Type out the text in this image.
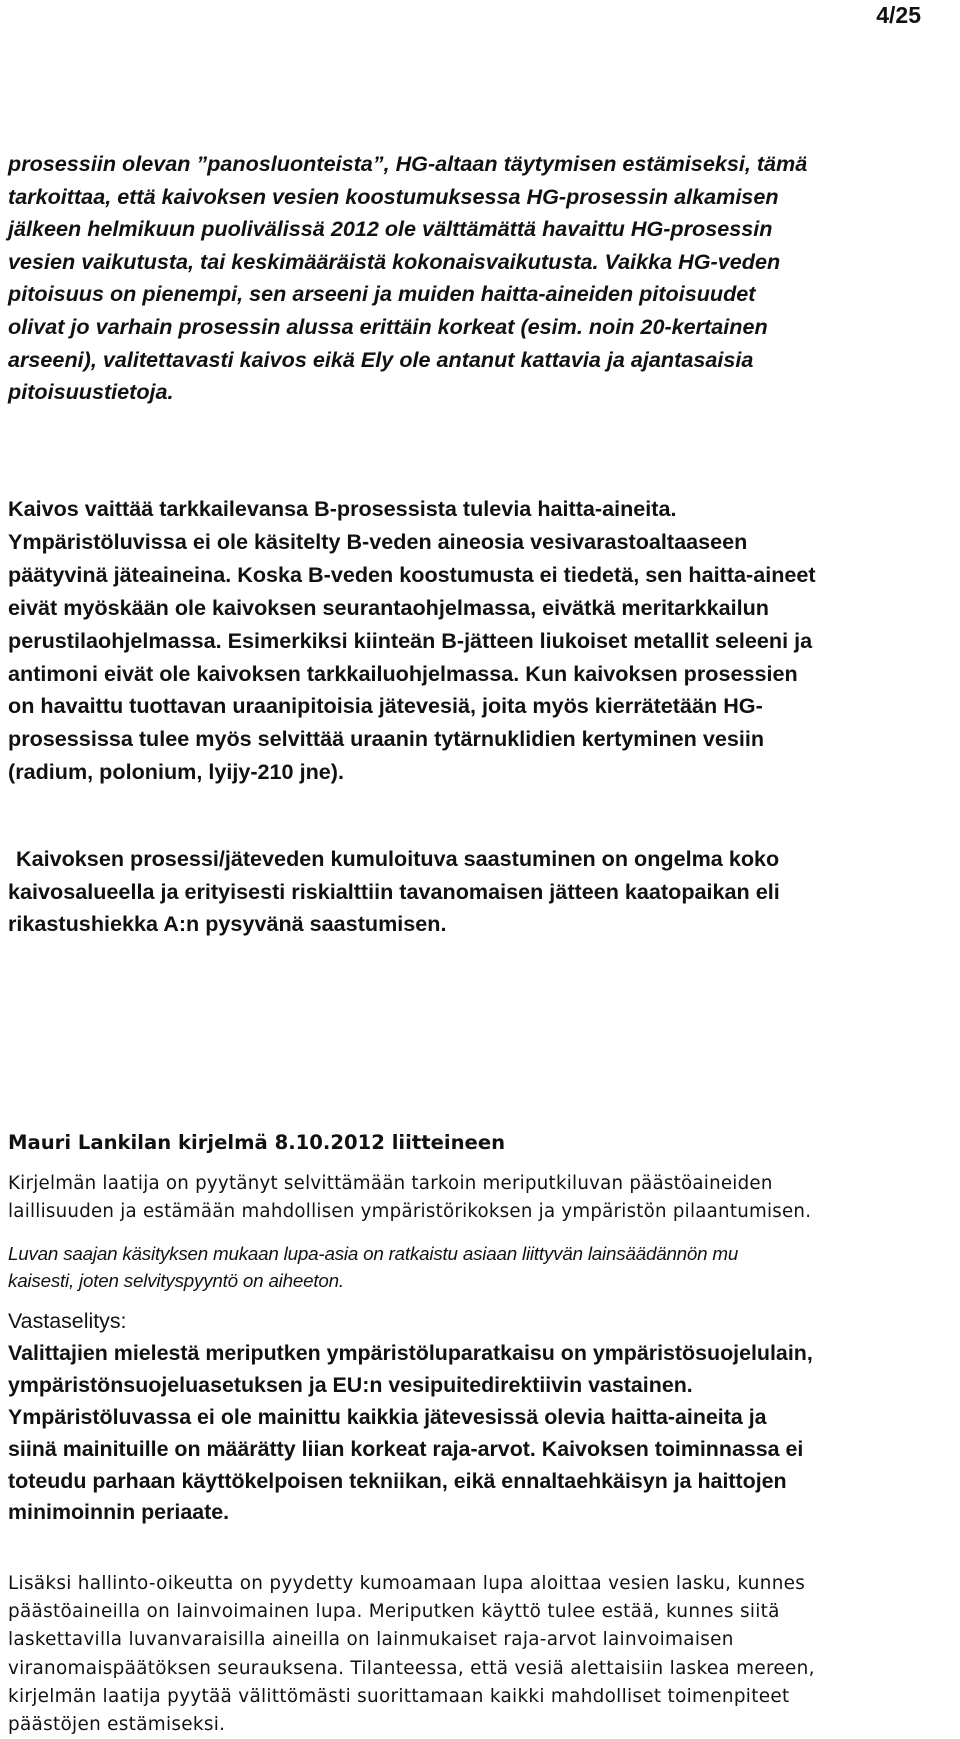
4/25
prosessiin olevan ”panosluonteista”, HG-altaan täytymisen estämiseksi, tämä
tarkoittaa, että kaivoksen vesien koostumuksessa HG-prosessin alkamisen
jälkeen helmikuun puolivälissä 2012 ole välttämättä havaittu HG-prosessin
vesien vaikutusta, tai keskimääräistä kokonaisvaikutusta. Vaikka HG-veden
pitoisuus on pienempi, sen arseeni ja muiden haitta-aineiden pitoisuudet
olivat jo varhain prosessin alussa erittäin korkeat (esim. noin 20-kertainen
arseeni), valitettavasti kaivos eikä Ely ole antanut kattavia ja ajantasaisia
pitoisuustietoja.
Kaivos vaittää tarkkailevansa B-prosessista tulevia haitta-aineita.
Ympäristöluvissa ei ole käsitelty B-veden aineosia vesivarastoaltaaseen
päätyvinä jäteaineina. Koska B-veden koostumusta ei tiedetä, sen haitta-aineet
eivät myöskään ole kaivoksen seurantaohjelmassa, eivätkä meritarkkailun
perustilaohjelmassa. Esimerkiksi kiinteän B-jätteen liukoiset metallit seleeni ja
antimoni eivät ole kaivoksen tarkkailuohjelmassa. Kun kaivoksen prosessien
on havaittu tuottavan uraanipitoisia jätevesiä, joita myös kierrätetään HG-
prosessissa tulee myös selvittää uraanin tytärnuklidien kertyminen vesiin
(radium, polonium, lyijy-210 jne).
Kaivoksen prosessi/jäteveden kumuloituva saastuminen on ongelma koko
kaivosalueella ja erityisesti riskialttiin tavanomaisen jätteen kaatopaikan eli
rikastushiekka A:n pysyvänä saastumisen.
Mauri Lankilan kirjelmä 8.10.2012 liitteineen
Kirjelmän laatija on pyytänyt selvittämään tarkoin meriputkiluvan päästöaineiden
laillisuuden ja estämään mahdollisen ympäristörikoksen ja ympäristön pilaantumisen.
Luvan saajan käsityksen mukaan lupa-asia on ratkaistu asiaan liittyvän lainsäädännön mu
kaisesti, joten selvityspyyntö on aiheeton.
Vastaselitys:
Valittajien mielestä meriputken ympäristöluparatkaisu on ympäristösuojelulain,
ympäristönsuojeluasetuksen ja EU:n vesipuitedirektiivin vastainen.
Ympäristöluvassa ei ole mainittu kaikkia jätevesissä olevia haitta-aineita ja
siinä mainituille on määrätty liian korkeat raja-arvot. Kaivoksen toiminnassa ei
toteudu parhaan käyttökelpoisen tekniikan, eikä ennaltaehkäisyn ja haittojen
minimoinnin periaate.
Lisäksi hallinto-oikeutta on pyydetty kumoamaan lupa aloittaa vesien lasku, kunnes
päästöaineilla on lainvoimainen lupa. Meriputken käyttö tulee estää, kunnes siitä
laskettavilla luvanvaraisilla aineilla on lainmukaiset raja-arvot lainvoimaisen
viranomaispäätöksen seurauksena. Tilanteessa, että vesiä alettaisiin laskea mereen,
kirjelmän laatija pyytää välittömästi suorittamaan kaikki mahdolliset toimenpiteet
päästöjen estämiseksi.
